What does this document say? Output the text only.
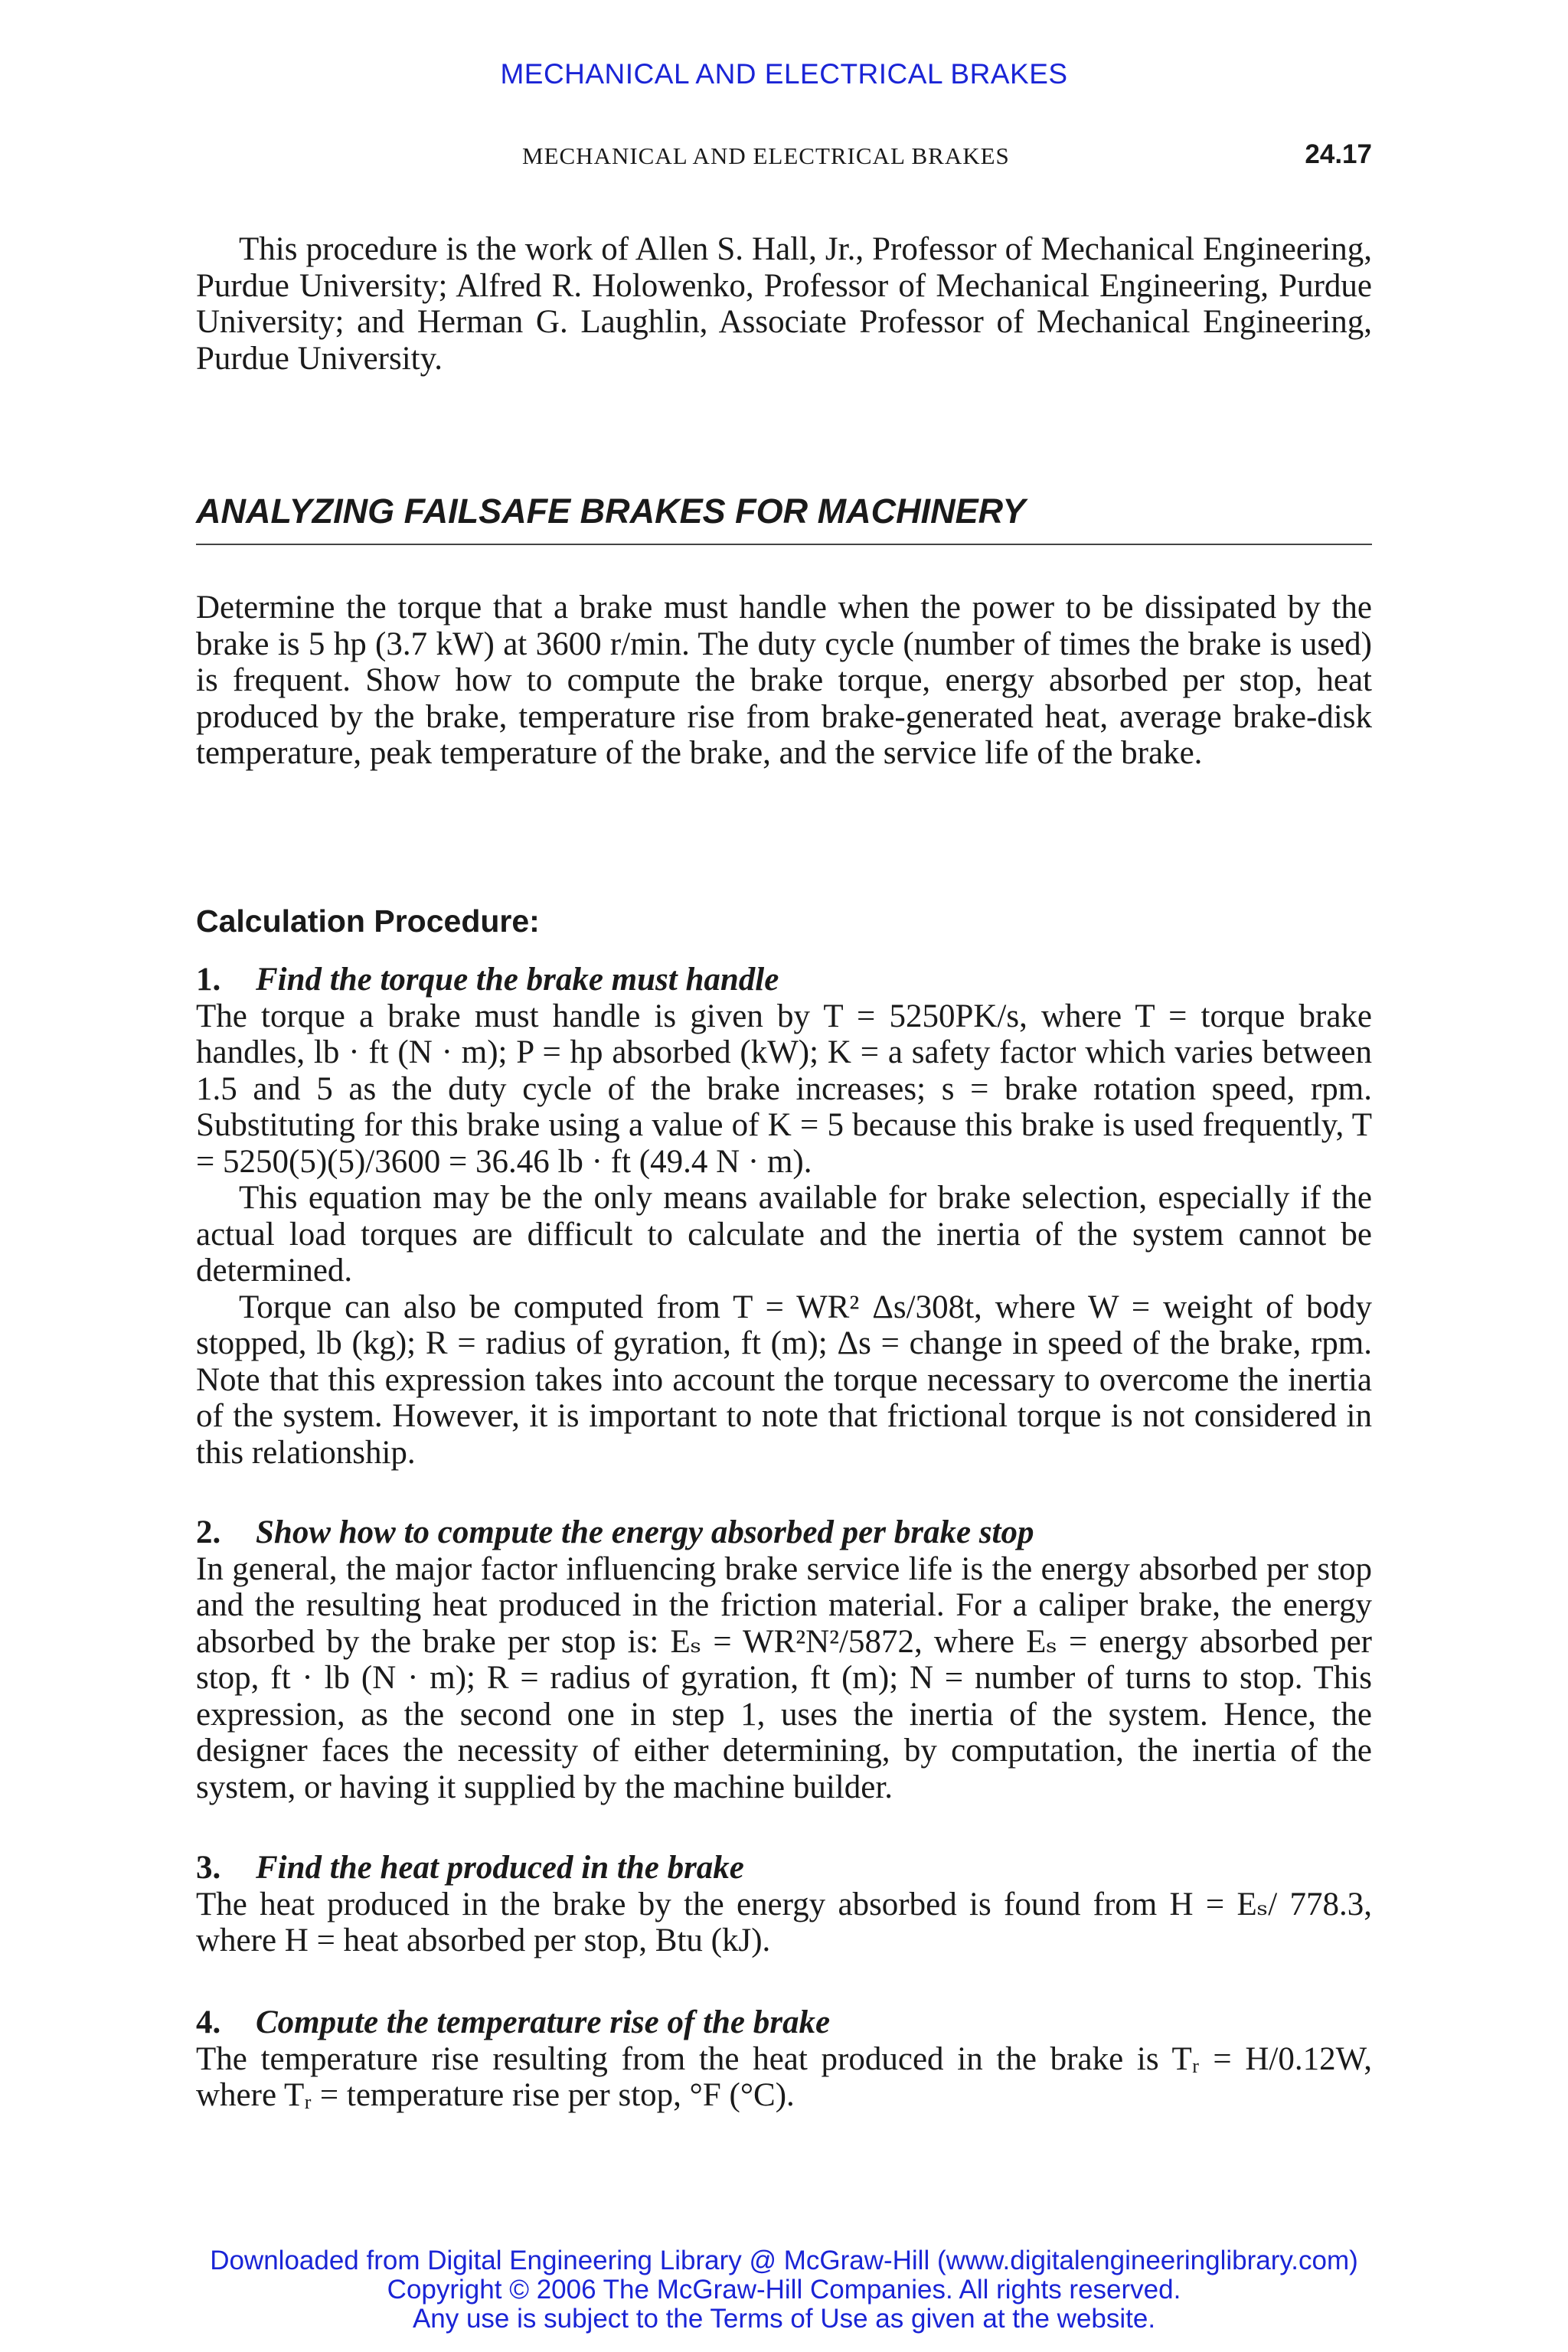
MECHANICAL AND ELECTRICAL BRAKES
MECHANICAL AND ELECTRICAL BRAKES	24.17

This procedure is the work of Allen S. Hall, Jr., Professor of Mechanical Engineering, Purdue University; Alfred R. Holowenko, Professor of Mechanical Engineering, Purdue University; and Herman G. Laughlin, Associate Professor of Mechanical Engineering, Purdue University.

ANALYZING FAILSAFE BRAKES FOR MACHINERY

Determine the torque that a brake must handle when the power to be dissipated by the brake is 5 hp (3.7 kW) at 3600 r/min. The duty cycle (number of times the brake is used) is frequent. Show how to compute the brake torque, energy absorbed per stop, heat produced by the brake, temperature rise from brake-generated heat, average brake-disk temperature, peak temperature of the brake, and the service life of the brake.

Calculation Procedure:

1. Find the torque the brake must handle

The torque a brake must handle is given by T = 5250PK/s, where T = torque brake handles, lb · ft (N · m); P = hp absorbed (kW); K = a safety factor which varies between 1.5 and 5 as the duty cycle of the brake increases; s = brake rotation speed, rpm. Substituting for this brake using a value of K = 5 because this brake is used frequently, T = 5250(5)(5)/3600 = 36.46 lb · ft (49.4 N · m).

This equation may be the only means available for brake selection, especially if the actual load torques are difficult to calculate and the inertia of the system cannot be determined.

Torque can also be computed from T = WR² Δs/308t, where W = weight of body stopped, lb (kg); R = radius of gyration, ft (m); Δs = change in speed of the brake, rpm. Note that this expression takes into account the torque necessary to overcome the inertia of the system. However, it is important to note that frictional torque is not considered in this relationship.

2. Show how to compute the energy absorbed per brake stop

In general, the major factor influencing brake service life is the energy absorbed per stop and the resulting heat produced in the friction material. For a caliper brake, the energy absorbed by the brake per stop is: Eₛ = WR²N²/5872, where Eₛ = energy absorbed per stop, ft · lb (N · m); R = radius of gyration, ft (m); N = number of turns to stop. This expression, as the second one in step 1, uses the inertia of the system. Hence, the designer faces the necessity of either determining, by computation, the inertia of the system, or having it supplied by the machine builder.

3. Find the heat produced in the brake

The heat produced in the brake by the energy absorbed is found from H = Eₛ/ 778.3, where H = heat absorbed per stop, Btu (kJ).

4. Compute the temperature rise of the brake

The temperature rise resulting from the heat produced in the brake is Tᵣ = H/0.12W, where Tᵣ = temperature rise per stop, °F (°C).

Downloaded from Digital Engineering Library @ McGraw-Hill (www.digitalengineeringlibrary.com)
Copyright © 2006 The McGraw-Hill Companies. All rights reserved.
Any use is subject to the Terms of Use as given at the website.
